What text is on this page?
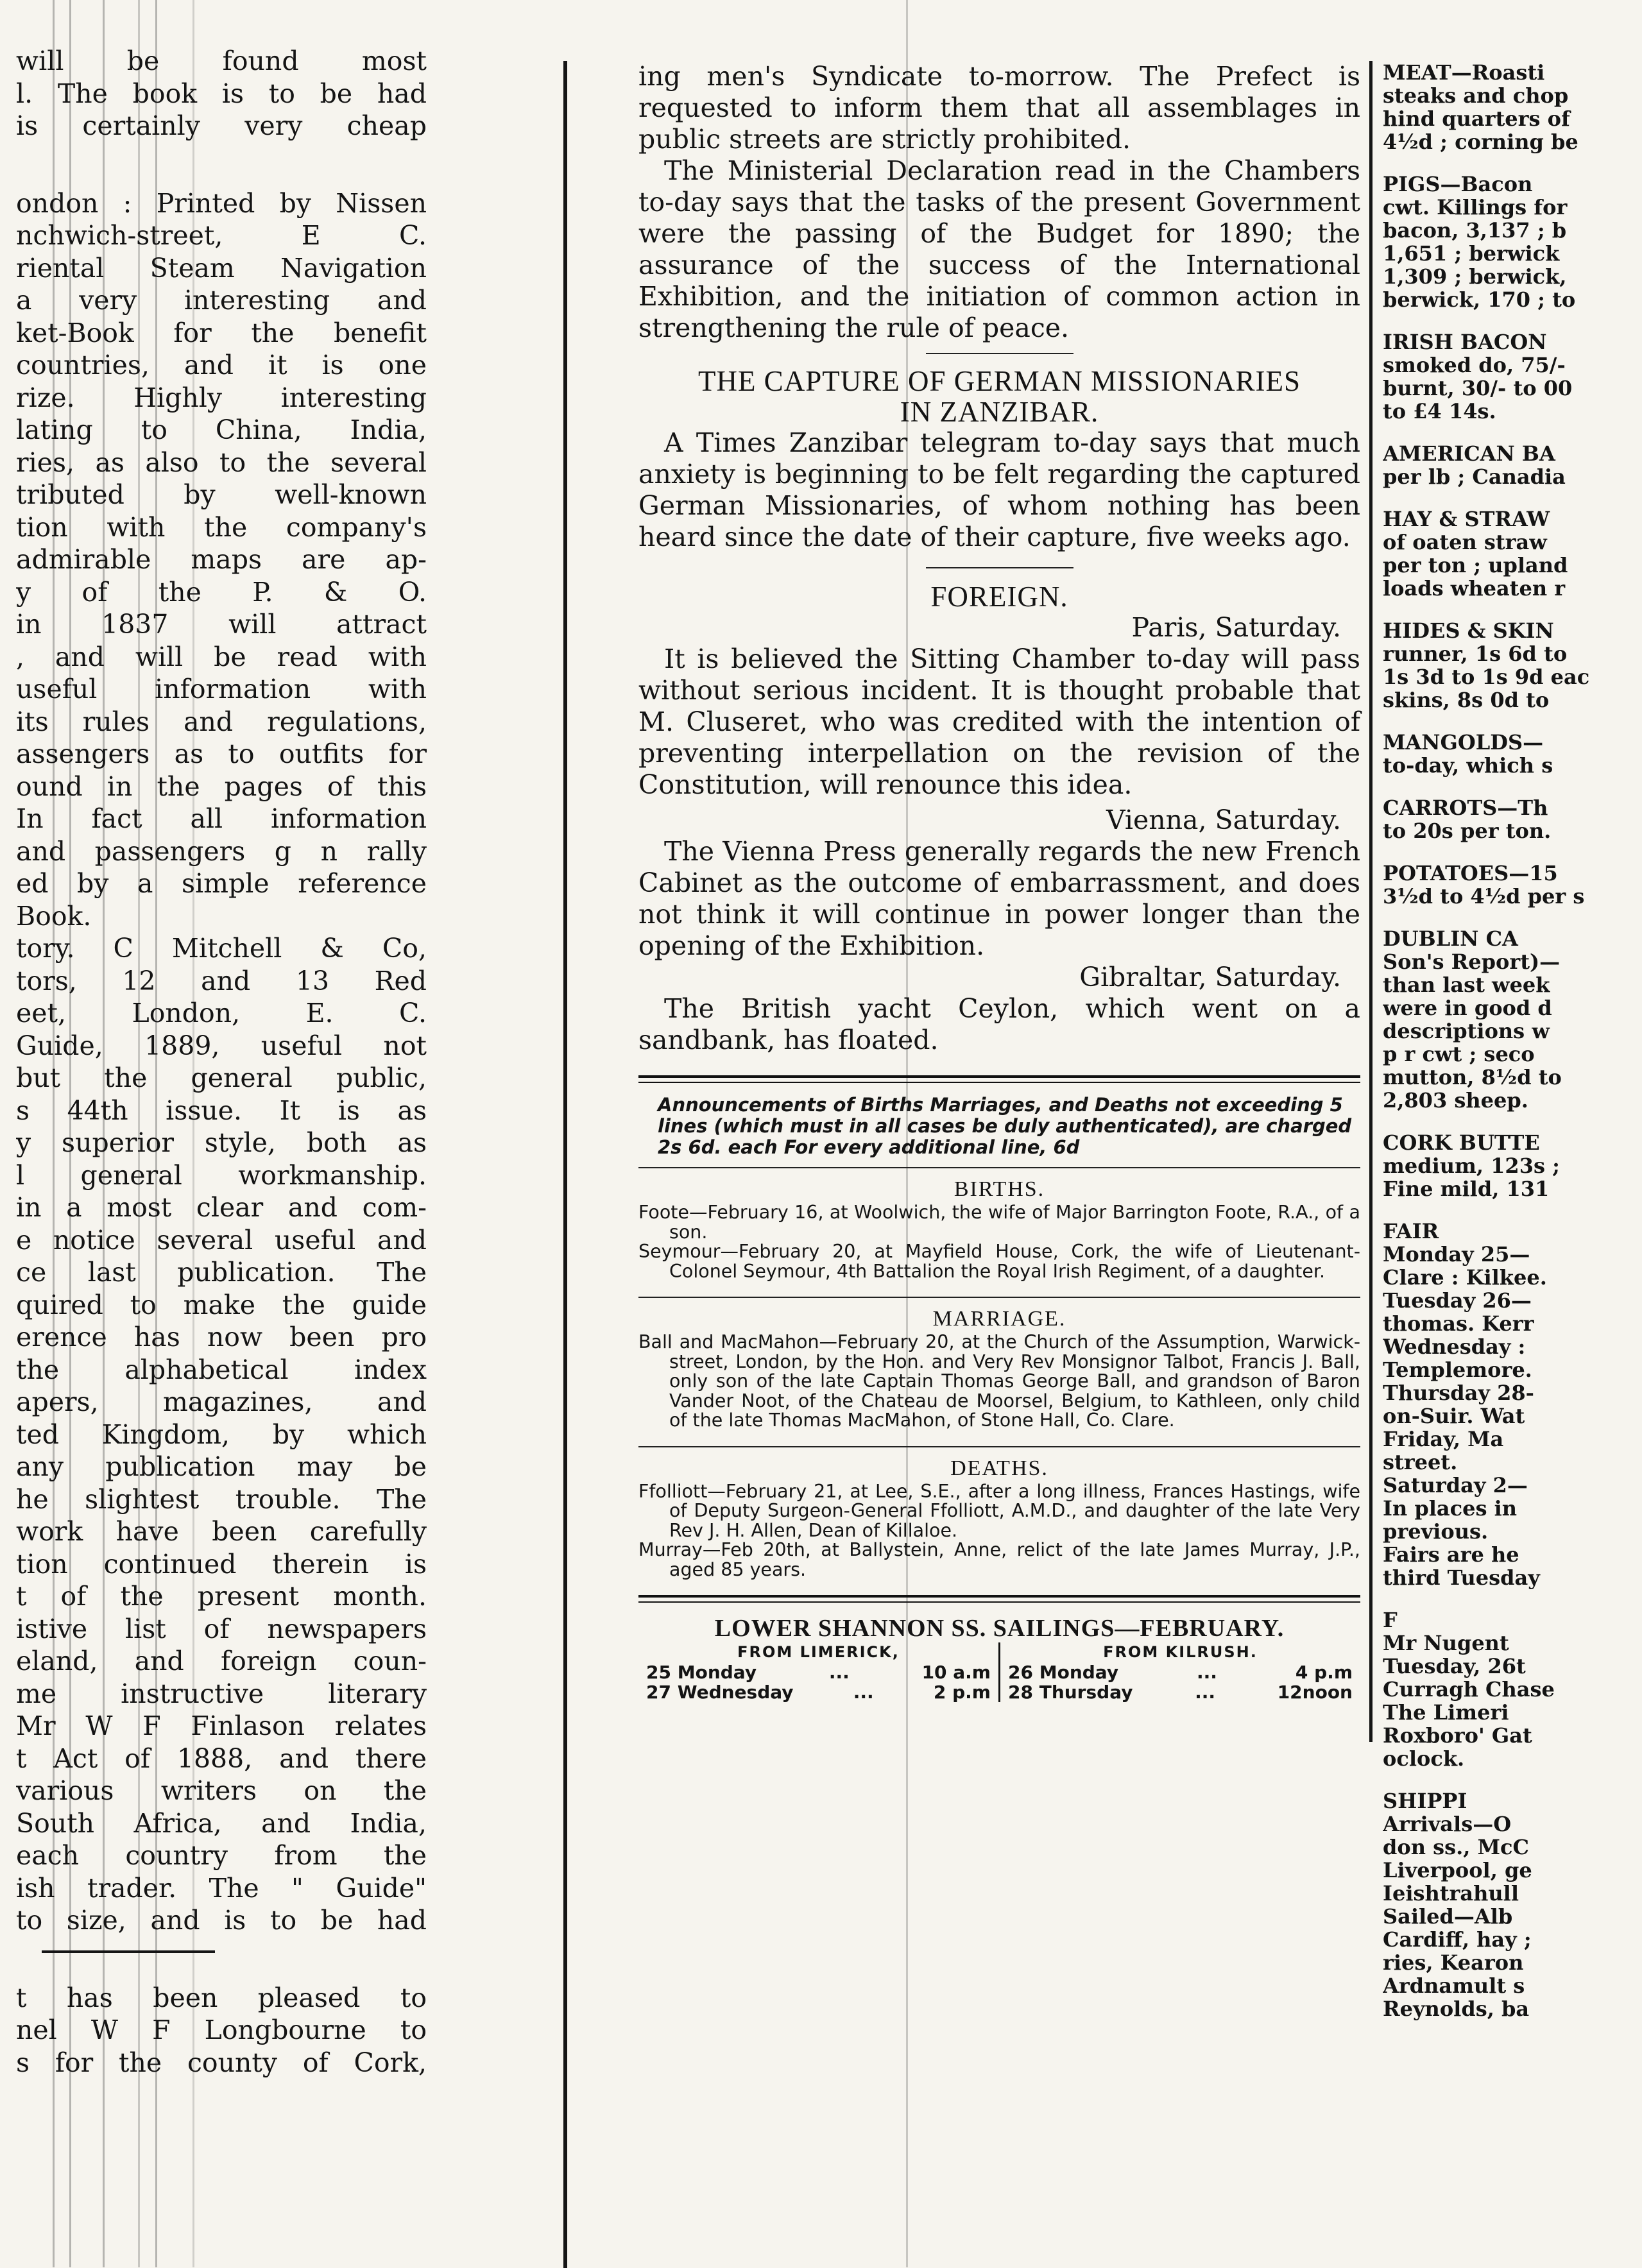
will be found most
l. The book is to be had
is certainly very cheap
ondon : Printed by Nissen
nchwich-street, E C.
riental Steam Navigation
a very interesting and
ket-Book for the benefit
countries, and it is one
rize. Highly interesting
lating to China, India,
ries, as also to the several
tributed by well-known
tion with the company's
admirable maps are ap-
y of the P. & O.
in 1837 will attract
, and will be read with
useful information with
its rules and regulations,
assengers as to outfits for
ound in the pages of this
In fact all information
and passengers g n rally
ed by a simple reference
Book.
tory. C Mitchell & Co,
tors, 12 and 13 Red
eet, London, E. C.
Guide, 1889, useful not
but the general public,
s 44th issue. It is as
y superior style, both as
l general workmanship.
in a most clear and com-
e notice several useful and
ce last publication. The
quired to make the guide
erence has now been pro
the alphabetical index
apers, magazines, and
ted Kingdom, by which
any publication may be
he slightest trouble. The
work have been carefully
tion continued therein is
t of the present month.
istive list of newspapers
eland, and foreign coun-
me instructive literary
Mr W F Finlason relates
t Act of 1888, and there
various writers on the
South Africa, and India,
each country from the
ish trader. The " Guide"
to size, and is to be had
t has been pleased to
nel W F Longbourne to
s for the county of Cork,

ing men's Syndicate to-morrow. The Prefect is requested to inform them that all assemblages in public streets are strictly prohibited.

The Ministerial Declaration read in the Chambers to-day says that the tasks of the present Government were the passing of the Budget for 1890; the assurance of the success of the International Exhibition, and the initiation of common action in strengthening the rule of peace.

THE CAPTURE OF GERMAN MISSIONARIES

IN ZANZIBAR.

A Times Zanzibar telegram to-day says that much anxiety is beginning to be felt regarding the captured German Missionaries, of whom nothing has been heard since the date of their capture, five weeks ago.

FOREIGN.

Paris, Saturday.

It is believed the Sitting Chamber to-day will pass without serious incident. It is thought probable that M. Cluseret, who was credited with the intention of preventing interpellation on the revision of the Constitution, will renounce this idea.

Vienna, Saturday.

The Vienna Press generally regards the new French Cabinet as the outcome of embarrassment, and does not think it will continue in power longer than the opening of the Exhibition.

Gibraltar, Saturday.

The British yacht Ceylon, which went on a sandbank, has floated.

Announcements of Births Marriages, and Deaths not exceeding 5 lines (which must in all cases be duly authenticated), are charged 2s 6d. each For every additional line, 6d

BIRTHS.

Foote—February 16, at Woolwich, the wife of Major Barrington Foote, R.A., of a son.

Seymour—February 20, at Mayfield House, Cork, the wife of Lieutenant-Colonel Seymour, 4th Battalion the Royal Irish Regiment, of a daughter.

MARRIAGE.

Ball and MacMahon—February 20, at the Church of the Assumption, Warwick-street, London, by the Hon. and Very Rev Monsignor Talbot, Francis J. Ball, only son of the late Captain Thomas George Ball, and grandson of Baron Vander Noot, of the Chateau de Moorsel, Belgium, to Kathleen, only child of the late Thomas MacMahon, of Stone Hall, Co. Clare.

DEATHS.

Ffolliott—February 21, at Lee, S.E., after a long illness, Frances Hastings, wife of Deputy Surgeon-General Ffolliott, A.M.D., and daughter of the late Very Rev J. H. Allen, Dean of Killaloe.

Murray—Feb 20th, at Ballystein, Anne, relict of the late James Murray, J.P., aged 85 years.

LOWER SHANNON SS. SAILINGS—FEBRUARY.

FROM LIMERICK,
25 Monday	...	10 a.m
27 Wednesday	...	2 p.m
FROM KILRUSH.
26 Monday	...	4 p.m
28 Thursday	...	12noon
MEAT—Roasti
steaks and chop
hind quarters of
4½d ; corning be
PIGS—Bacon
cwt. Killings for
bacon, 3,137 ; b
1,651 ; berwick
1,309 ; berwick,
berwick, 170 ; to
IRISH BACON
smoked do, 75/-
burnt, 30/- to 00
to £4 14s.
AMERICAN BA
per lb ; Canadia
HAY & STRAW
of oaten straw
per ton ; upland
loads wheaten r
HIDES & SKIN
runner, 1s 6d to
1s 3d to 1s 9d eac
skins, 8s 0d to
MANGOLDS—
to-day, which s
CARROTS—Th
to 20s per ton.
POTATOES—15
3½d to 4½d per s
DUBLIN CA
Son's Report)—
than last week
were in good d
descriptions w
p r cwt ; seco
mutton, 8½d to
2,803 sheep.
CORK BUTTE
medium, 123s ;
Fine mild, 131
FAIR
Monday 25—
Clare : Kilkee.
Tuesday 26—
thomas. Kerr
Wednesday :
Templemore.
Thursday 28-
on-Suir. Wat
Friday, Ma
street.
Saturday 2—
In places in
previous.
Fairs are he
third Tuesday
F
Mr Nugent
Tuesday, 26t
Curragh Chase
The Limeri
Roxboro' Gat
oclock.
SHIPPI
Arrivals—O
don ss., McC
Liverpool, ge
Ieishtrahull
Sailed—Alb
Cardiff, hay ;
ries, Kearon
Ardnamult s
Reynolds, ba
